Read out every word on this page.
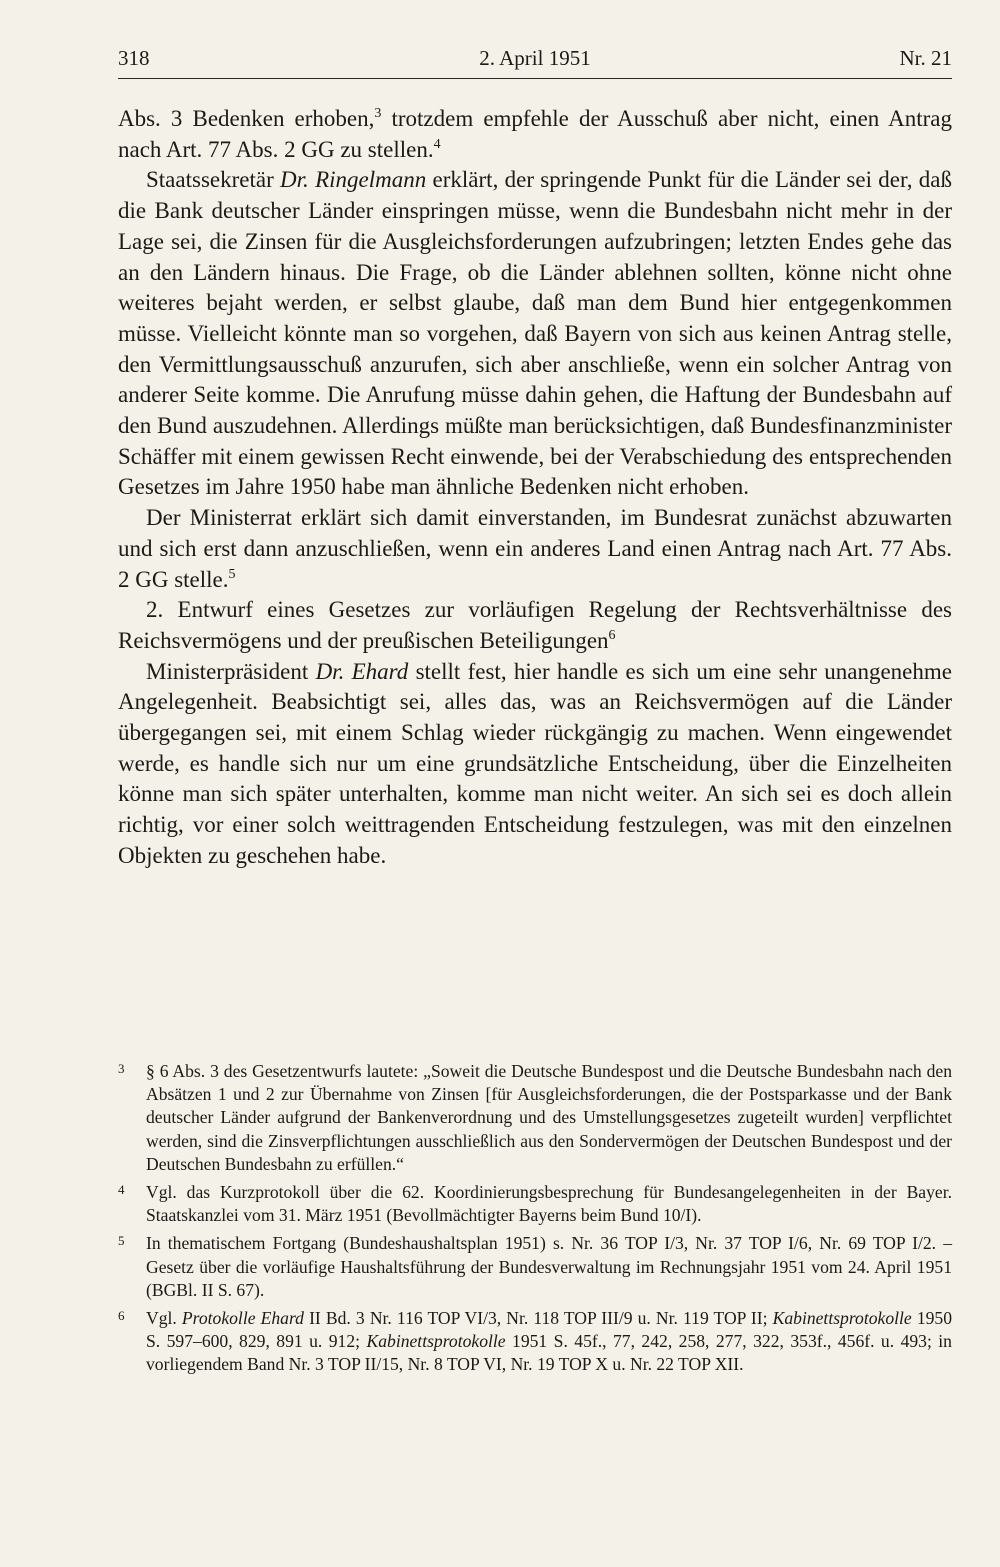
318	2. April 1951	Nr. 21

Abs. 3 Bedenken erhoben,$^3$ trotzdem empfehle der Ausschuß aber nicht, einen Antrag nach Art. 77 Abs. 2 GG zu stellen.$^4$

Staatssekretär Dr. Ringelmann erklärt, der springende Punkt für die Länder sei der, daß die Bank deutscher Länder einspringen müsse, wenn die Bundesbahn nicht mehr in der Lage sei, die Zinsen für die Ausgleichsforderungen aufzubringen; letzten Endes gehe das an den Ländern hinaus. Die Frage, ob die Länder ablehnen sollten, könne nicht ohne weiteres bejaht werden, er selbst glaube, daß man dem Bund hier entgegenkommen müsse. Vielleicht könnte man so vorgehen, daß Bayern von sich aus keinen Antrag stelle, den Vermittlungsausschuß anzurufen, sich aber anschließe, wenn ein solcher Antrag von anderer Seite komme. Die Anrufung müsse dahin gehen, die Haftung der Bundesbahn auf den Bund auszudehnen. Allerdings müßte man berücksichtigen, daß Bundesfinanzminister Schäffer mit einem gewissen Recht einwende, bei der Verabschiedung des entsprechenden Gesetzes im Jahre 1950 habe man ähnliche Bedenken nicht erhoben.

Der Ministerrat erklärt sich damit einverstanden, im Bundesrat zunächst abzuwarten und sich erst dann anzuschließen, wenn ein anderes Land einen Antrag nach Art. 77 Abs. 2 GG stelle.$^5$

2. Entwurf eines Gesetzes zur vorläufigen Regelung der Rechtsverhältnisse des Reichsvermögens und der preußischen Beteiligungen$^6$

Ministerpräsident Dr. Ehard stellt fest, hier handle es sich um eine sehr unangenehme Angelegenheit. Beabsichtigt sei, alles das, was an Reichsvermögen auf die Länder übergegangen sei, mit einem Schlag wieder rückgängig zu machen. Wenn eingewendet werde, es handle sich nur um eine grundsätzliche Entscheidung, über die Einzelheiten könne man sich später unterhalten, komme man nicht weiter. An sich sei es doch allein richtig, vor einer solch weittragenden Entscheidung festzulegen, was mit den einzelnen Objekten zu geschehen habe.

3 § 6 Abs. 3 des Gesetzentwurfs lautete: „Soweit die Deutsche Bundespost und die Deutsche Bundesbahn nach den Absätzen 1 und 2 zur Übernahme von Zinsen [für Ausgleichsforderungen, die der Postsparkasse und der Bank deutscher Länder aufgrund der Bankenverordnung und des Umstellungsgesetzes zugeteilt wurden] verpflichtet werden, sind die Zinsverpflichtungen ausschließlich aus den Sondervermögen der Deutschen Bundespost und der Deutschen Bundesbahn zu erfüllen.“
4 Vgl. das Kurzprotokoll über die 62. Koordinierungsbesprechung für Bundesangelegenheiten in der Bayer. Staatskanzlei vom 31. März 1951 (Bevollmächtigter Bayerns beim Bund 10/I).
5 In thematischem Fortgang (Bundeshaushaltsplan 1951) s. Nr. 36 TOP I/3, Nr. 37 TOP I/6, Nr. 69 TOP I/2. – Gesetz über die vorläufige Haushaltsführung der Bundesverwaltung im Rechnungsjahr 1951 vom 24. April 1951 (BGBl. II S. 67).
6 Vgl. Protokolle Ehard II Bd. 3 Nr. 116 TOP VI/3, Nr. 118 TOP III/9 u. Nr. 119 TOP II; Kabinettsprotokolle 1950 S. 597–600, 829, 891 u. 912; Kabinettsprotokolle 1951 S. 45f., 77, 242, 258, 277, 322, 353f., 456f. u. 493; in vorliegendem Band Nr. 3 TOP II/15, Nr. 8 TOP VI, Nr. 19 TOP X u. Nr. 22 TOP XII.
